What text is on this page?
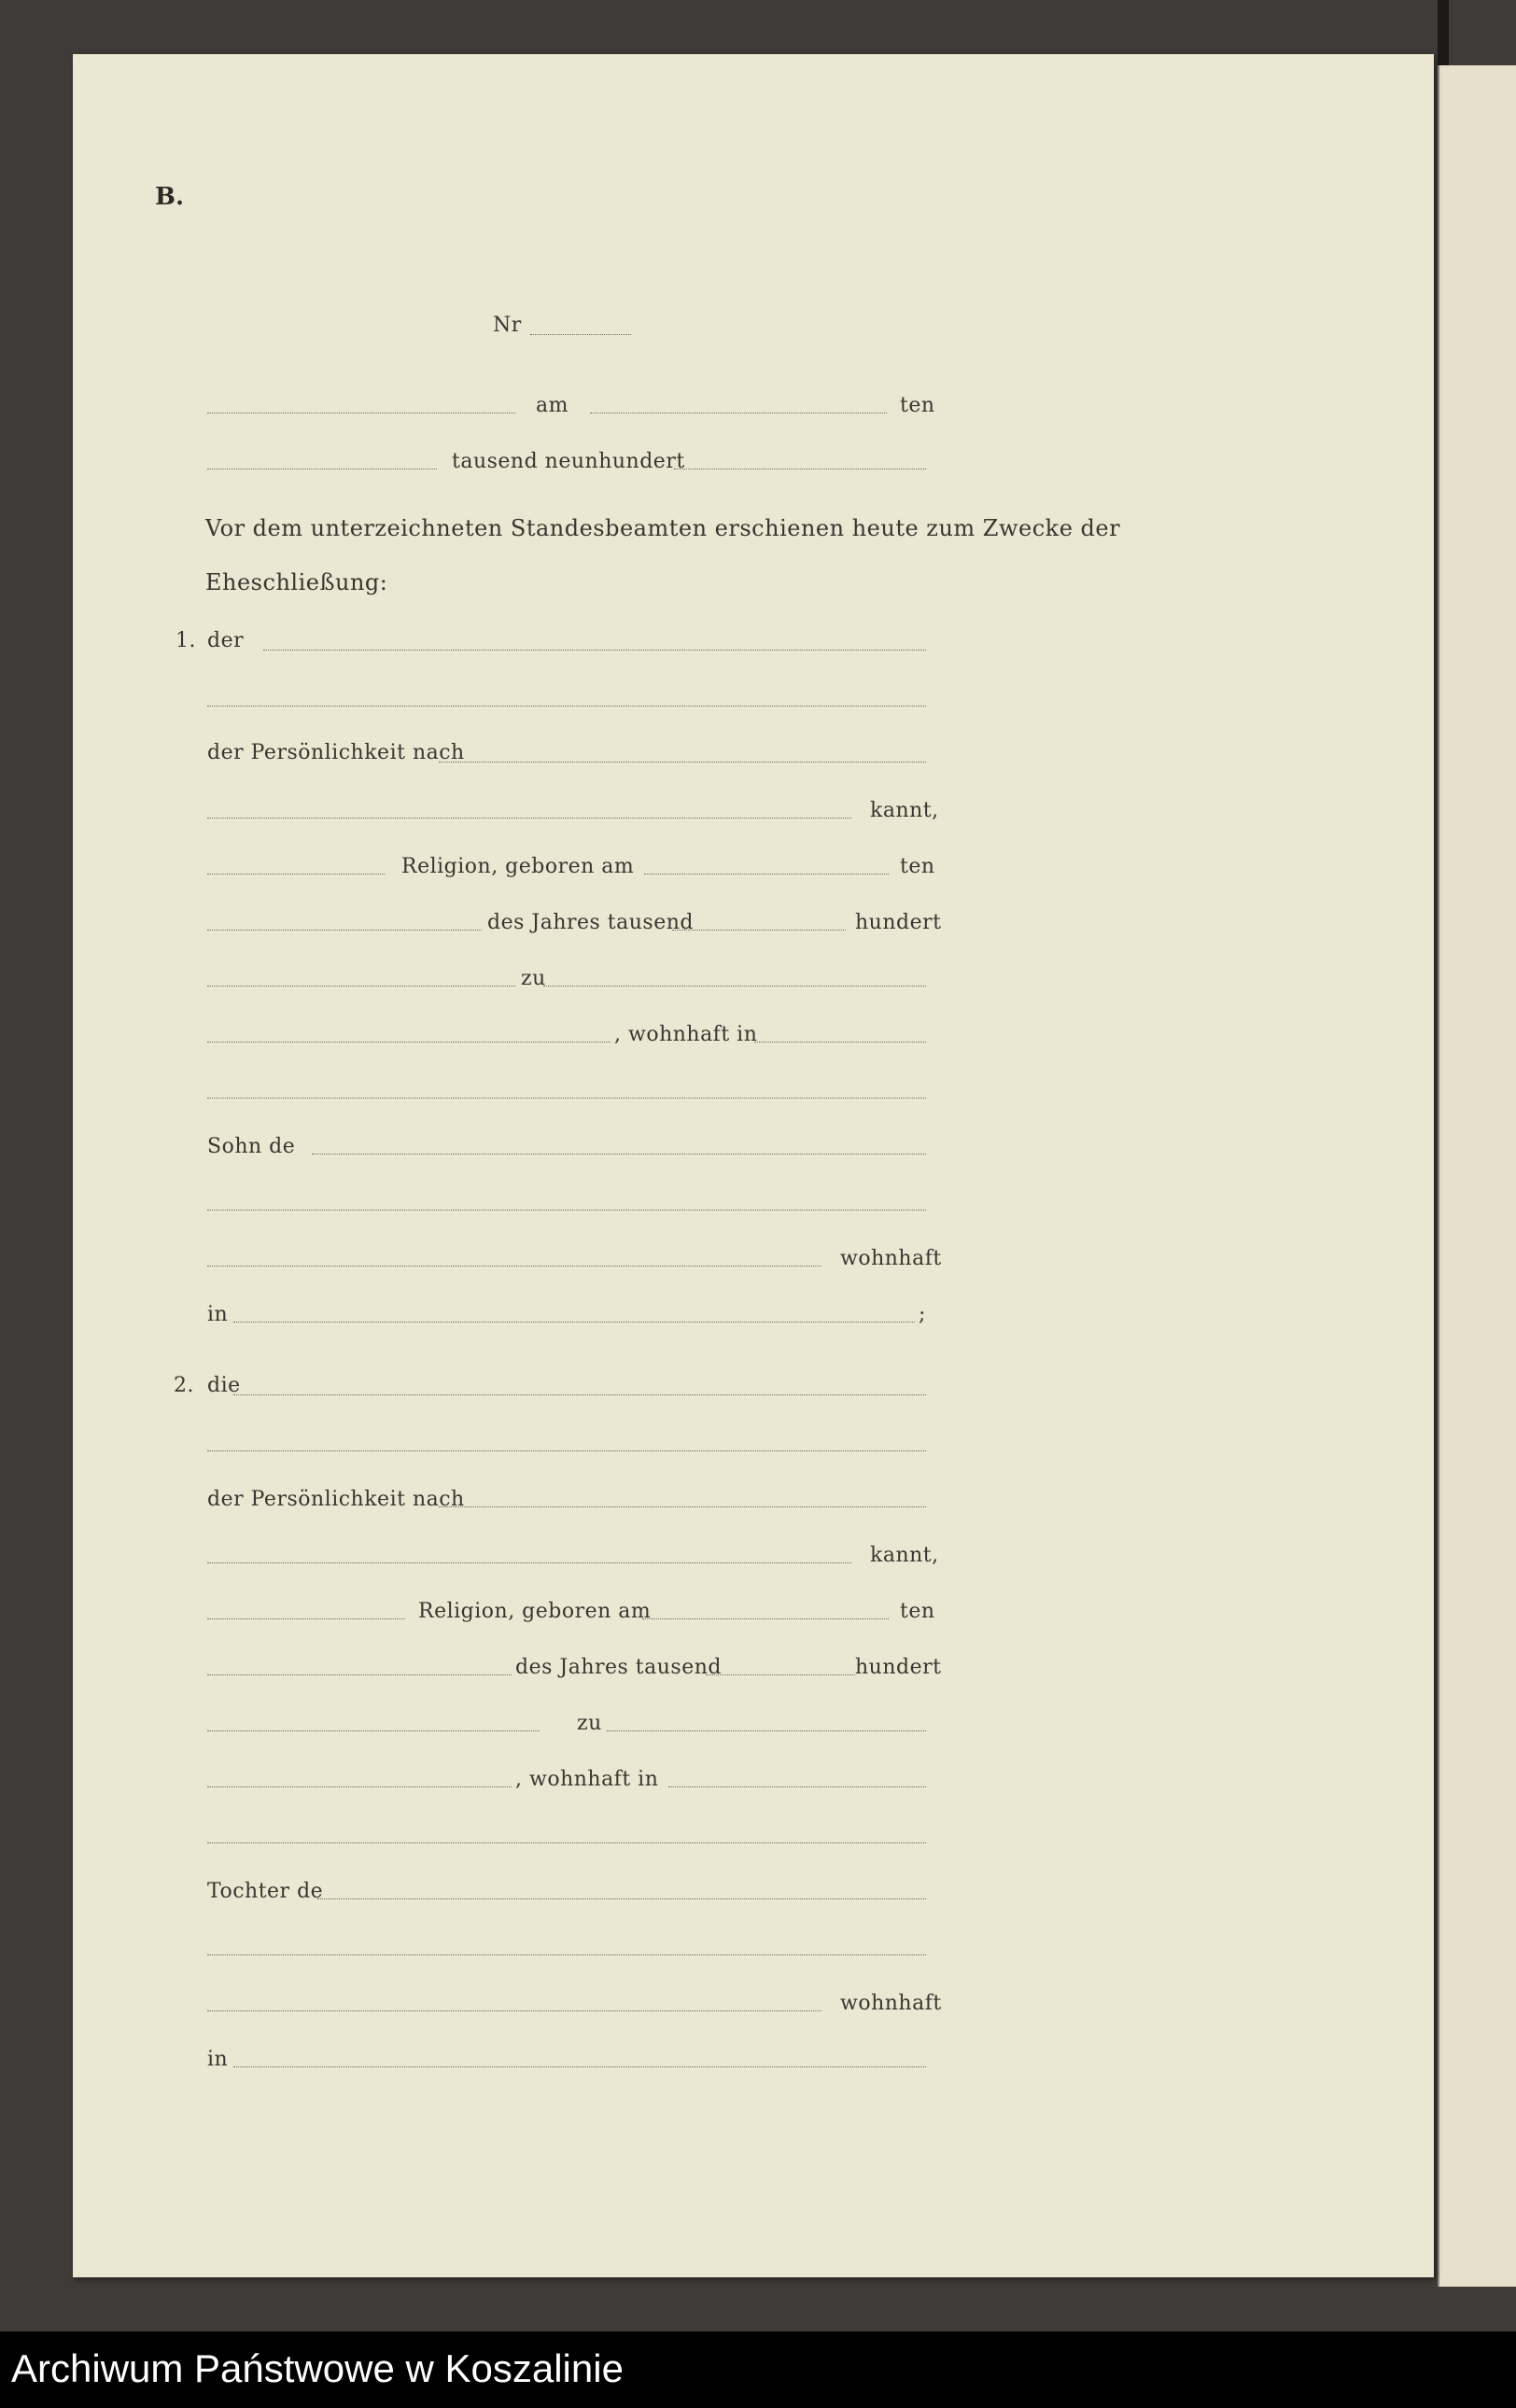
B.
Nr
am	ten
tausend neunhundert
Vor dem unterzeichneten Standesbeamten erschienen heute zum Zwecke der
Eheschließung:
1. der
der Persönlichkeit nach
kannt,
Religion, geboren am	ten
des Jahres tausend	hundert
zu
, wohnhaft in
Sohn de
wohnhaft
in	;
2. die
der Persönlichkeit nach
kannt,
Religion, geboren am	ten
des Jahres tausend	hundert
zu
, wohnhaft in
Tochter de
wohnhaft
in
Archiwum Państwowe w Koszalinie
